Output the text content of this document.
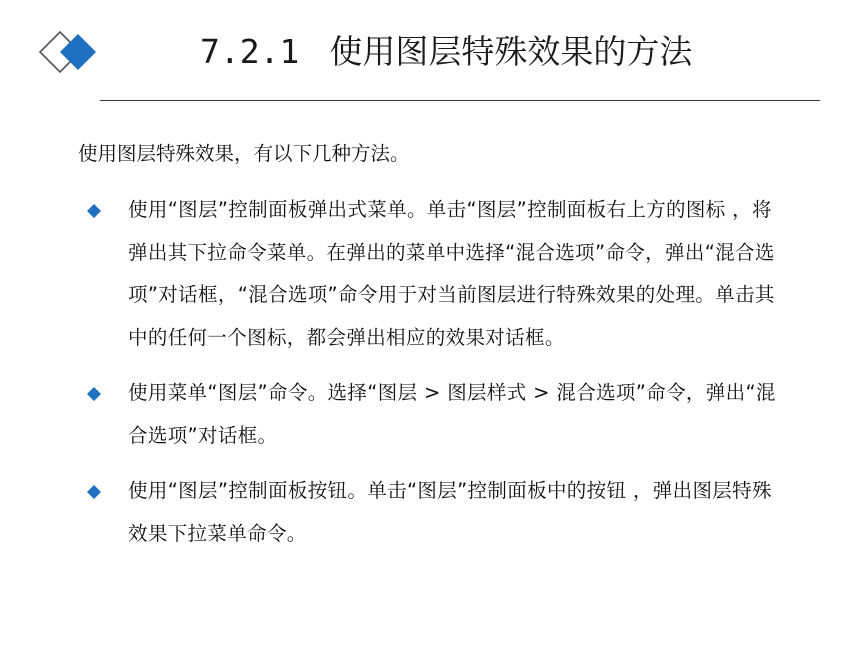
7.2.1 使用图层特殊效果的方法
使用图层特殊效果，有以下几种方法。
使用“图层”控制面板弹出式菜单。单击“图层”控制面板右上方的图标 ，将弹出其下拉命令菜单。在弹出的菜单中选择“混合选项”命令，弹出“混合选项”对话框，“混合选项”命令用于对当前图层进行特殊效果的处理。单击其中的任何一个图标，都会弹出相应的效果对话框。
使用菜单“图层”命令。选择“图层 > 图层样式 > 混合选项”命令，弹出“混合选项”对话框。
使用“图层”控制面板按钮。单击“图层”控制面板中的按钮 ，弹出图层特殊效果下拉菜单命令。
